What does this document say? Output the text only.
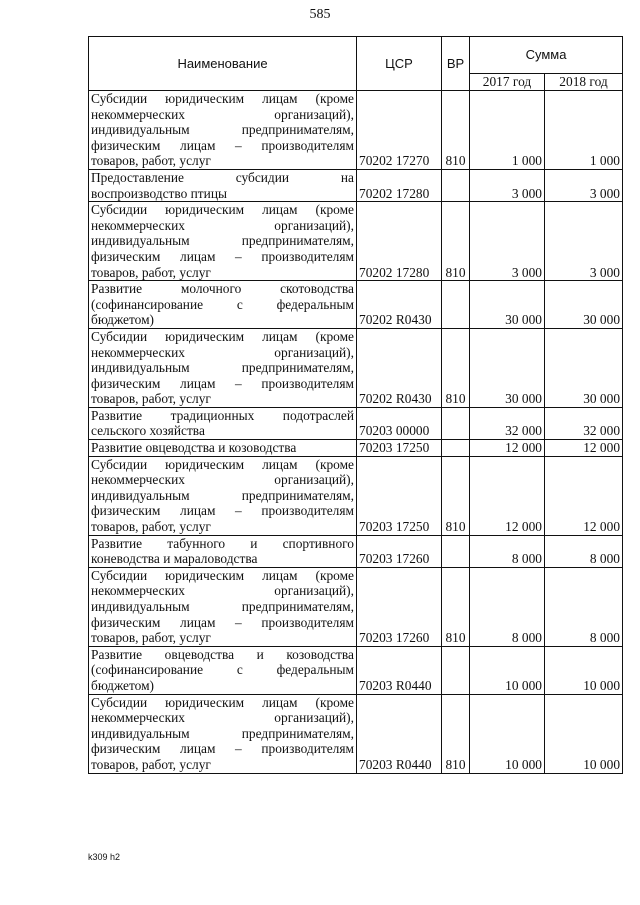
585
Наименование	ЦСР	ВР	Сумма	
			2017 год	2018 год
Субсидии юридическим лицам (кроме некоммерческих организаций), индивидуальным предпринимателям, физическим лицам – производителям товаров, работ, услуг	70202 17270	810	1 000	1 000
Предоставление субсидии на воспроизводство птицы	70202 17280		3 000	3 000
Субсидии юридическим лицам (кроме некоммерческих организаций), индивидуальным предпринимателям, физическим лицам – производителям товаров, работ, услуг	70202 17280	810	3 000	3 000
Развитие молочного скотоводства (софинансирование с федеральным бюджетом)	70202 R0430		30 000	30 000
Субсидии юридическим лицам (кроме некоммерческих организаций), индивидуальным предпринимателям, физическим лицам – производителям товаров, работ, услуг	70202 R0430	810	30 000	30 000
Развитие традиционных подотраслей сельского хозяйства	70203 00000		32 000	32 000
Развитие овцеводства и козоводства	70203 17250		12 000	12 000
Субсидии юридическим лицам (кроме некоммерческих организаций), индивидуальным предпринимателям, физическим лицам – производителям товаров, работ, услуг	70203 17250	810	12 000	12 000
Развитие табунного и спортивного коневодства и мараловодства	70203 17260		8 000	8 000
Субсидии юридическим лицам (кроме некоммерческих организаций), индивидуальным предпринимателям, физическим лицам – производителям товаров, работ, услуг	70203 17260	810	8 000	8 000
Развитие овцеводства и козоводства (софинансирование с федеральным бюджетом)	70203 R0440		10 000	10 000
Субсидии юридическим лицам (кроме некоммерческих организаций), индивидуальным предпринимателям, физическим лицам – производителям товаров, работ, услуг	70203 R0440	810	10 000	10 000
k309 h2
